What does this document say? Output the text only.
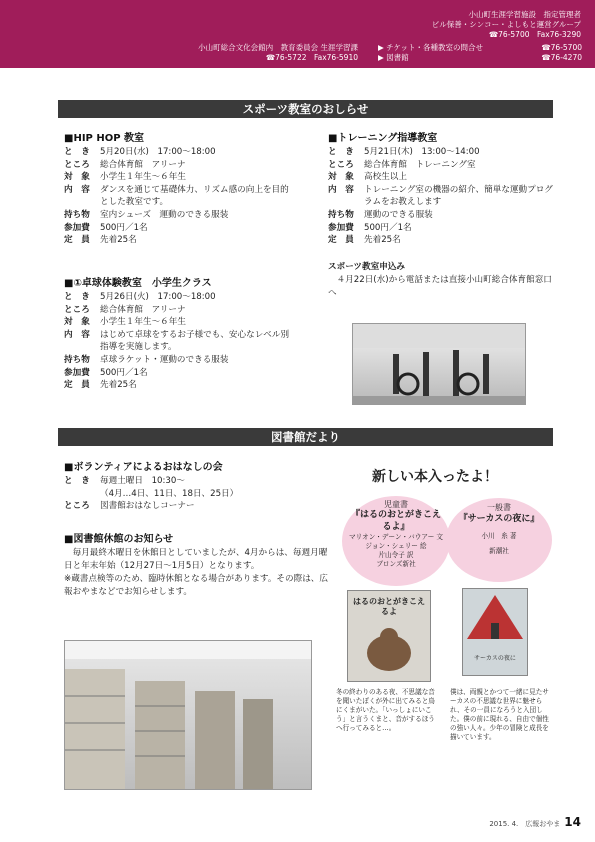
小山町生涯学習施設　指定管理者
ビル保善・シンコー・よしもと運営グループ
☎76-5700　Fax76-3290
小山町総合文化会館内　教育委員会 生涯学習課
☎76-5722　Fax76-5910
▶ チケット・各種教室の問合せ	☎76-5700
▶ 図書館	☎76-4270
スポーツ教室のおしらせ
■HIP HOP 教室
と　き	5月20日(水)　17:00～18:00
ところ	総合体育館　アリーナ
対　象	小学生１年生～６年生
内　容	ダンスを通じて基礎体力、リズム感の向上を目的とした教室です。
持ち物	室内シューズ　運動のできる服装
参加費	500円／1名
定　員	先着25名
■①卓球体験教室　小学生クラス
と　き	5月26日(火)　17:00～18:00
ところ	総合体育館　アリーナ
対　象	小学生１年生～６年生
内　容	はじめて卓球をするお子様でも、安心なレベル別指導を実施します。
持ち物	卓球ラケット・運動のできる服装
参加費	500円／1名
定　員	先着25名
■トレーニング指導教室
と　き	5月21日(木)　13:00～14:00
ところ	総合体育館　トレーニング室
対　象	高校生以上
内　容	トレーニング室の機器の紹介、簡単な運動プログラムをお教えします
持ち物	運動のできる服装
参加費	500円／1名
定　員	先着25名
スポーツ教室申込み
４月22日(水)から電話または直接小山町総合体育館窓口へ
図書館だより
■ボランティアによるおはなしの会
と　き	毎週土曜日　10:30～
（4月…4日、11日、18日、25日）
ところ	図書館おはなしコーナー
■図書館休館のお知らせ
毎月最終木曜日を休館日としていましたが、4月からは、毎週月曜日と年末年始（12月27日～1月5日）となります。
※蔵書点検等のため、臨時休館となる場合があります。その際は、広報おやまなどでお知らせします。
新しい本入ったよ！
児童書
『はるのおとがきこえるよ』
マリオン・デーン・バウアー 文
ジョン・シェリー 絵
片山令子 訳
ブロンズ新社
一般書
『サーカスの夜に』
小川　糸 著
新潮社
はるのおとがきこえるよ
サーカスの夜に
冬の終わりのある夜、不思議な音を聞いたぼくが外に出てみると鳥にくまがいた。「いっしょにいこう」と言うくまと、音がするほうへ行ってみると…。
僕は、両親とかつて一緒に見たサーカスの不思議な世界に魅せられ、その一員になろうと入団した。僕の前に現れる、自由で個性の強い人々。少年の冒険と成長を描いています。
2015. 4.　広報おやま 14
